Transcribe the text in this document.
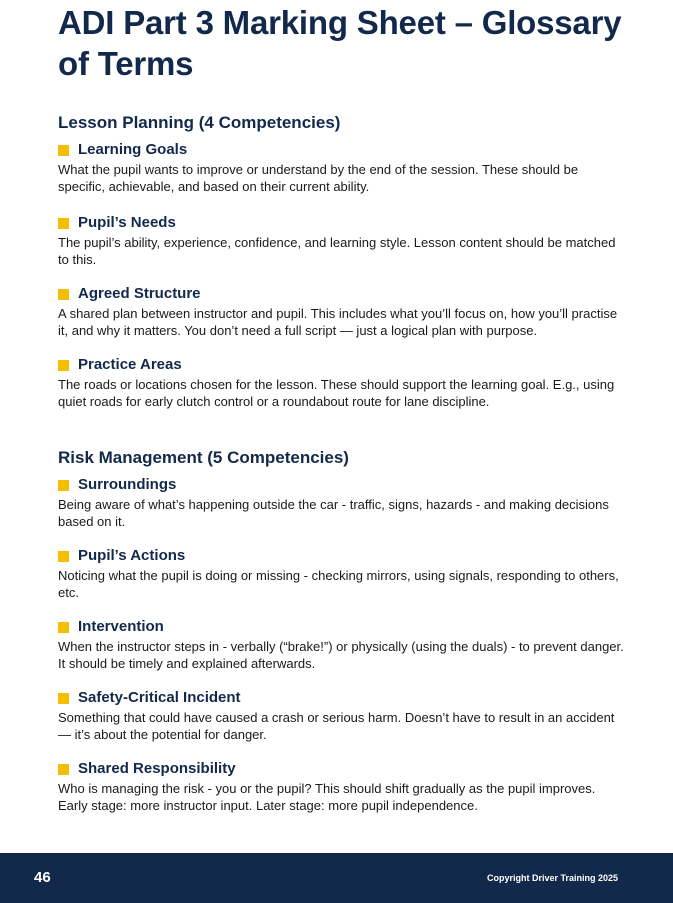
ADI Part 3 Marking Sheet – Glossary of Terms
Lesson Planning (4 Competencies)
Learning Goals

What the pupil wants to improve or understand by the end of the session. These should be specific, achievable, and based on their current ability.

Pupil’s Needs

The pupil’s ability, experience, confidence, and learning style. Lesson content should be matched to this.

Agreed Structure

A shared plan between instructor and pupil. This includes what you’ll focus on, how you’ll practise it, and why it matters. You don’t need a full script — just a logical plan with purpose.

Practice Areas

The roads or locations chosen for the lesson. These should support the learning goal. E.g., using quiet roads for early clutch control or a roundabout route for lane discipline.

Risk Management (5 Competencies)
Surroundings

Being aware of what’s happening outside the car - traffic, signs, hazards - and making decisions based on it.

Pupil’s Actions

Noticing what the pupil is doing or missing - checking mirrors, using signals, responding to others, etc.

Intervention

When the instructor steps in - verbally (“brake!”) or physically (using the duals) - to prevent danger. It should be timely and explained afterwards.

Safety-Critical Incident

Something that could have caused a crash or serious harm. Doesn’t have to result in an accident — it’s about the potential for danger.

Shared Responsibility

Who is managing the risk - you or the pupil? This should shift gradually as the pupil improves. Early stage: more instructor input. Later stage: more pupil independence.

46	Copyright Driver Training 2025
